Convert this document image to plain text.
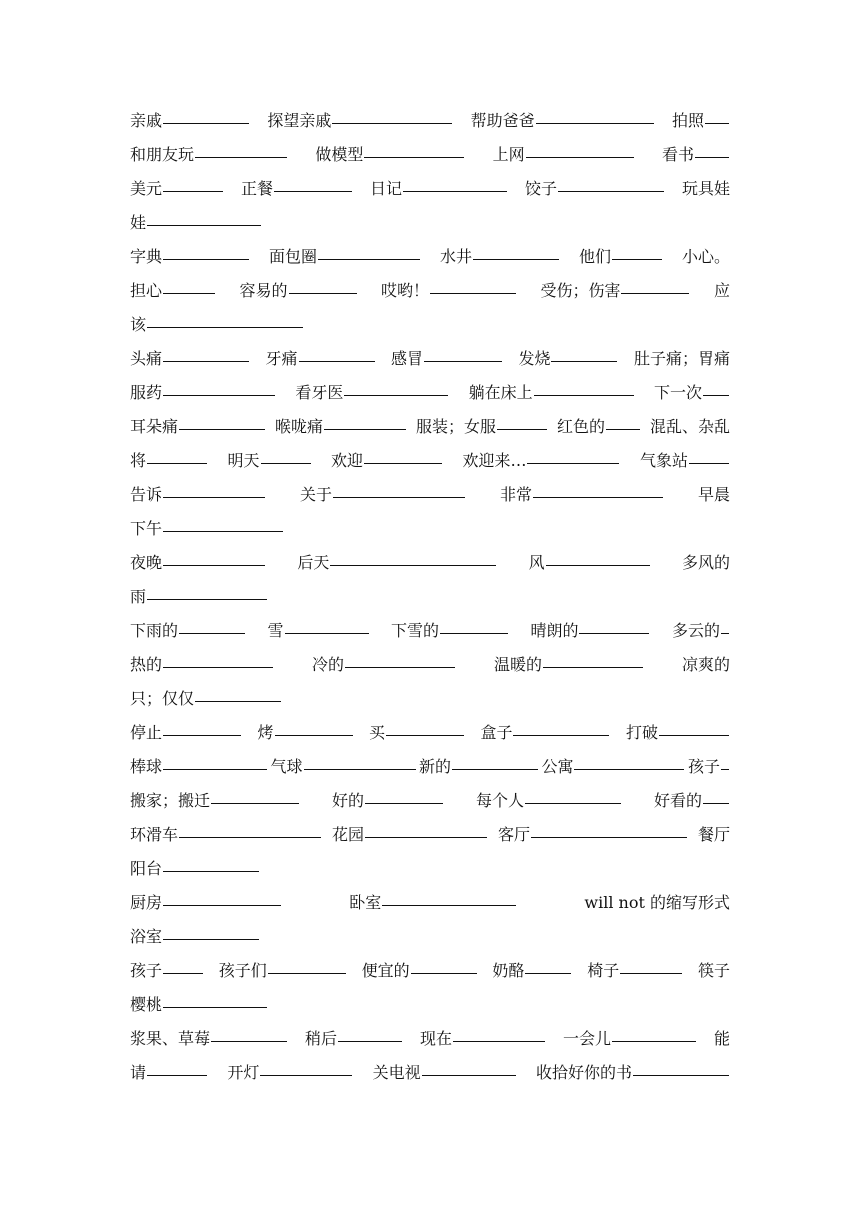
亲戚	探望亲戚	帮助爸爸	拍照
和朋友玩	做模型	上网	看书
美元	正餐	日记	饺子	玩具娃
娃
字典	面包圈	水井	他们	小心。
担心	容易的	哎哟！	受伤；伤害	应
该
头痛	牙痛	感冒	发烧	肚子痛；胃痛
服药	看牙医	躺在床上	下一次
耳朵痛	喉咙痛	服装；女服	红色的	混乱、杂乱
将	明天	欢迎	欢迎来…	气象站
告诉	关于	非常	早晨
下午
夜晚	后天	风	多风的
雨
下雨的	雪	下雪的	晴朗的	多云的
热的	冷的	温暖的	凉爽的
只；仅仅
停止	烤	买	盒子	打破
棒球	气球	新的	公寓	孩子
搬家；搬迁	好的	每个人	好看的
环滑车	花园	客厅	餐厅
阳台
厨房	卧室	will not 的缩写形式
浴室
孩子	孩子们	便宜的	奶酪	椅子	筷子
樱桃
浆果、草莓	稍后	现在	一会儿	能
请	开灯	关电视	收拾好你的书
